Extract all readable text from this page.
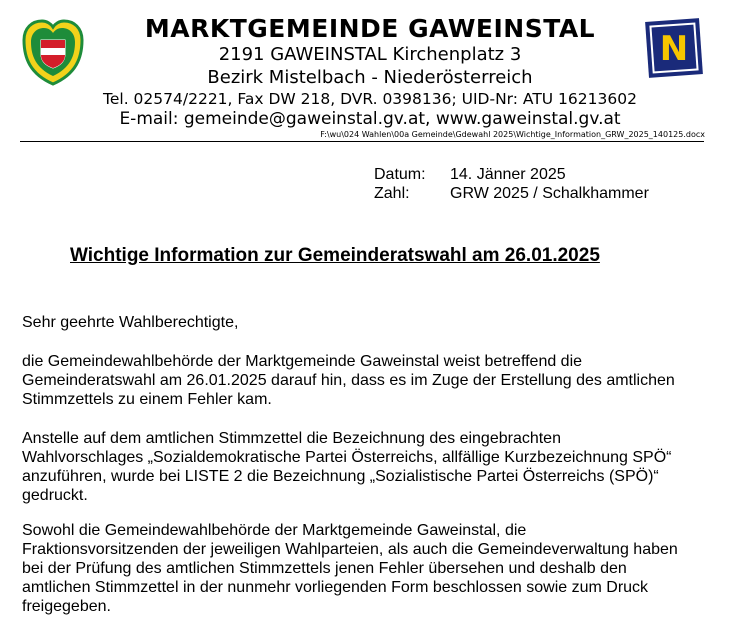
N
MARKTGEMEINDE GAWEINSTAL
2191 GAWEINSTAL Kirchenplatz 3
Bezirk Mistelbach - Niederösterreich
Tel. 02574/2221, Fax DW 218, DVR. 0398136; UID-Nr: ATU 16213602
E-mail: gemeinde@gaweinstal.gv.at, www.gaweinstal.gv.at
F:\wu\024 Wahlen\00a Gemeinde\Gdewahl 2025\Wichtige_Information_GRW_2025_140125.docx
Datum: 14. Jänner 2025
Zahl:	GRW 2025 / Schalkhammer
Wichtige Information zur Gemeinderatswahl am 26.01.2025
Sehr geehrte Wahlberechtigte,
die Gemeindewahlbehörde der Marktgemeinde Gaweinstal weist betreffend die
Gemeinderatswahl am 26.01.2025 darauf hin, dass es im Zuge der Erstellung des amtlichen
Stimmzettels zu einem Fehler kam.
Anstelle auf dem amtlichen Stimmzettel die Bezeichnung des eingebrachten
Wahlvorschlages „Sozialdemokratische Partei Österreichs, allfällige Kurzbezeichnung SPÖ“
anzuführen, wurde bei LISTE 2 die Bezeichnung „Sozialistische Partei Österreichs (SPÖ)“
gedruckt.
Sowohl die Gemeindewahlbehörde der Marktgemeinde Gaweinstal, die
Fraktionsvorsitzenden der jeweiligen Wahlparteien, als auch die Gemeindeverwaltung haben
bei der Prüfung des amtlichen Stimmzettels jenen Fehler übersehen und deshalb den
amtlichen Stimmzettel in der nunmehr vorliegenden Form beschlossen sowie zum Druck
freigegeben.
